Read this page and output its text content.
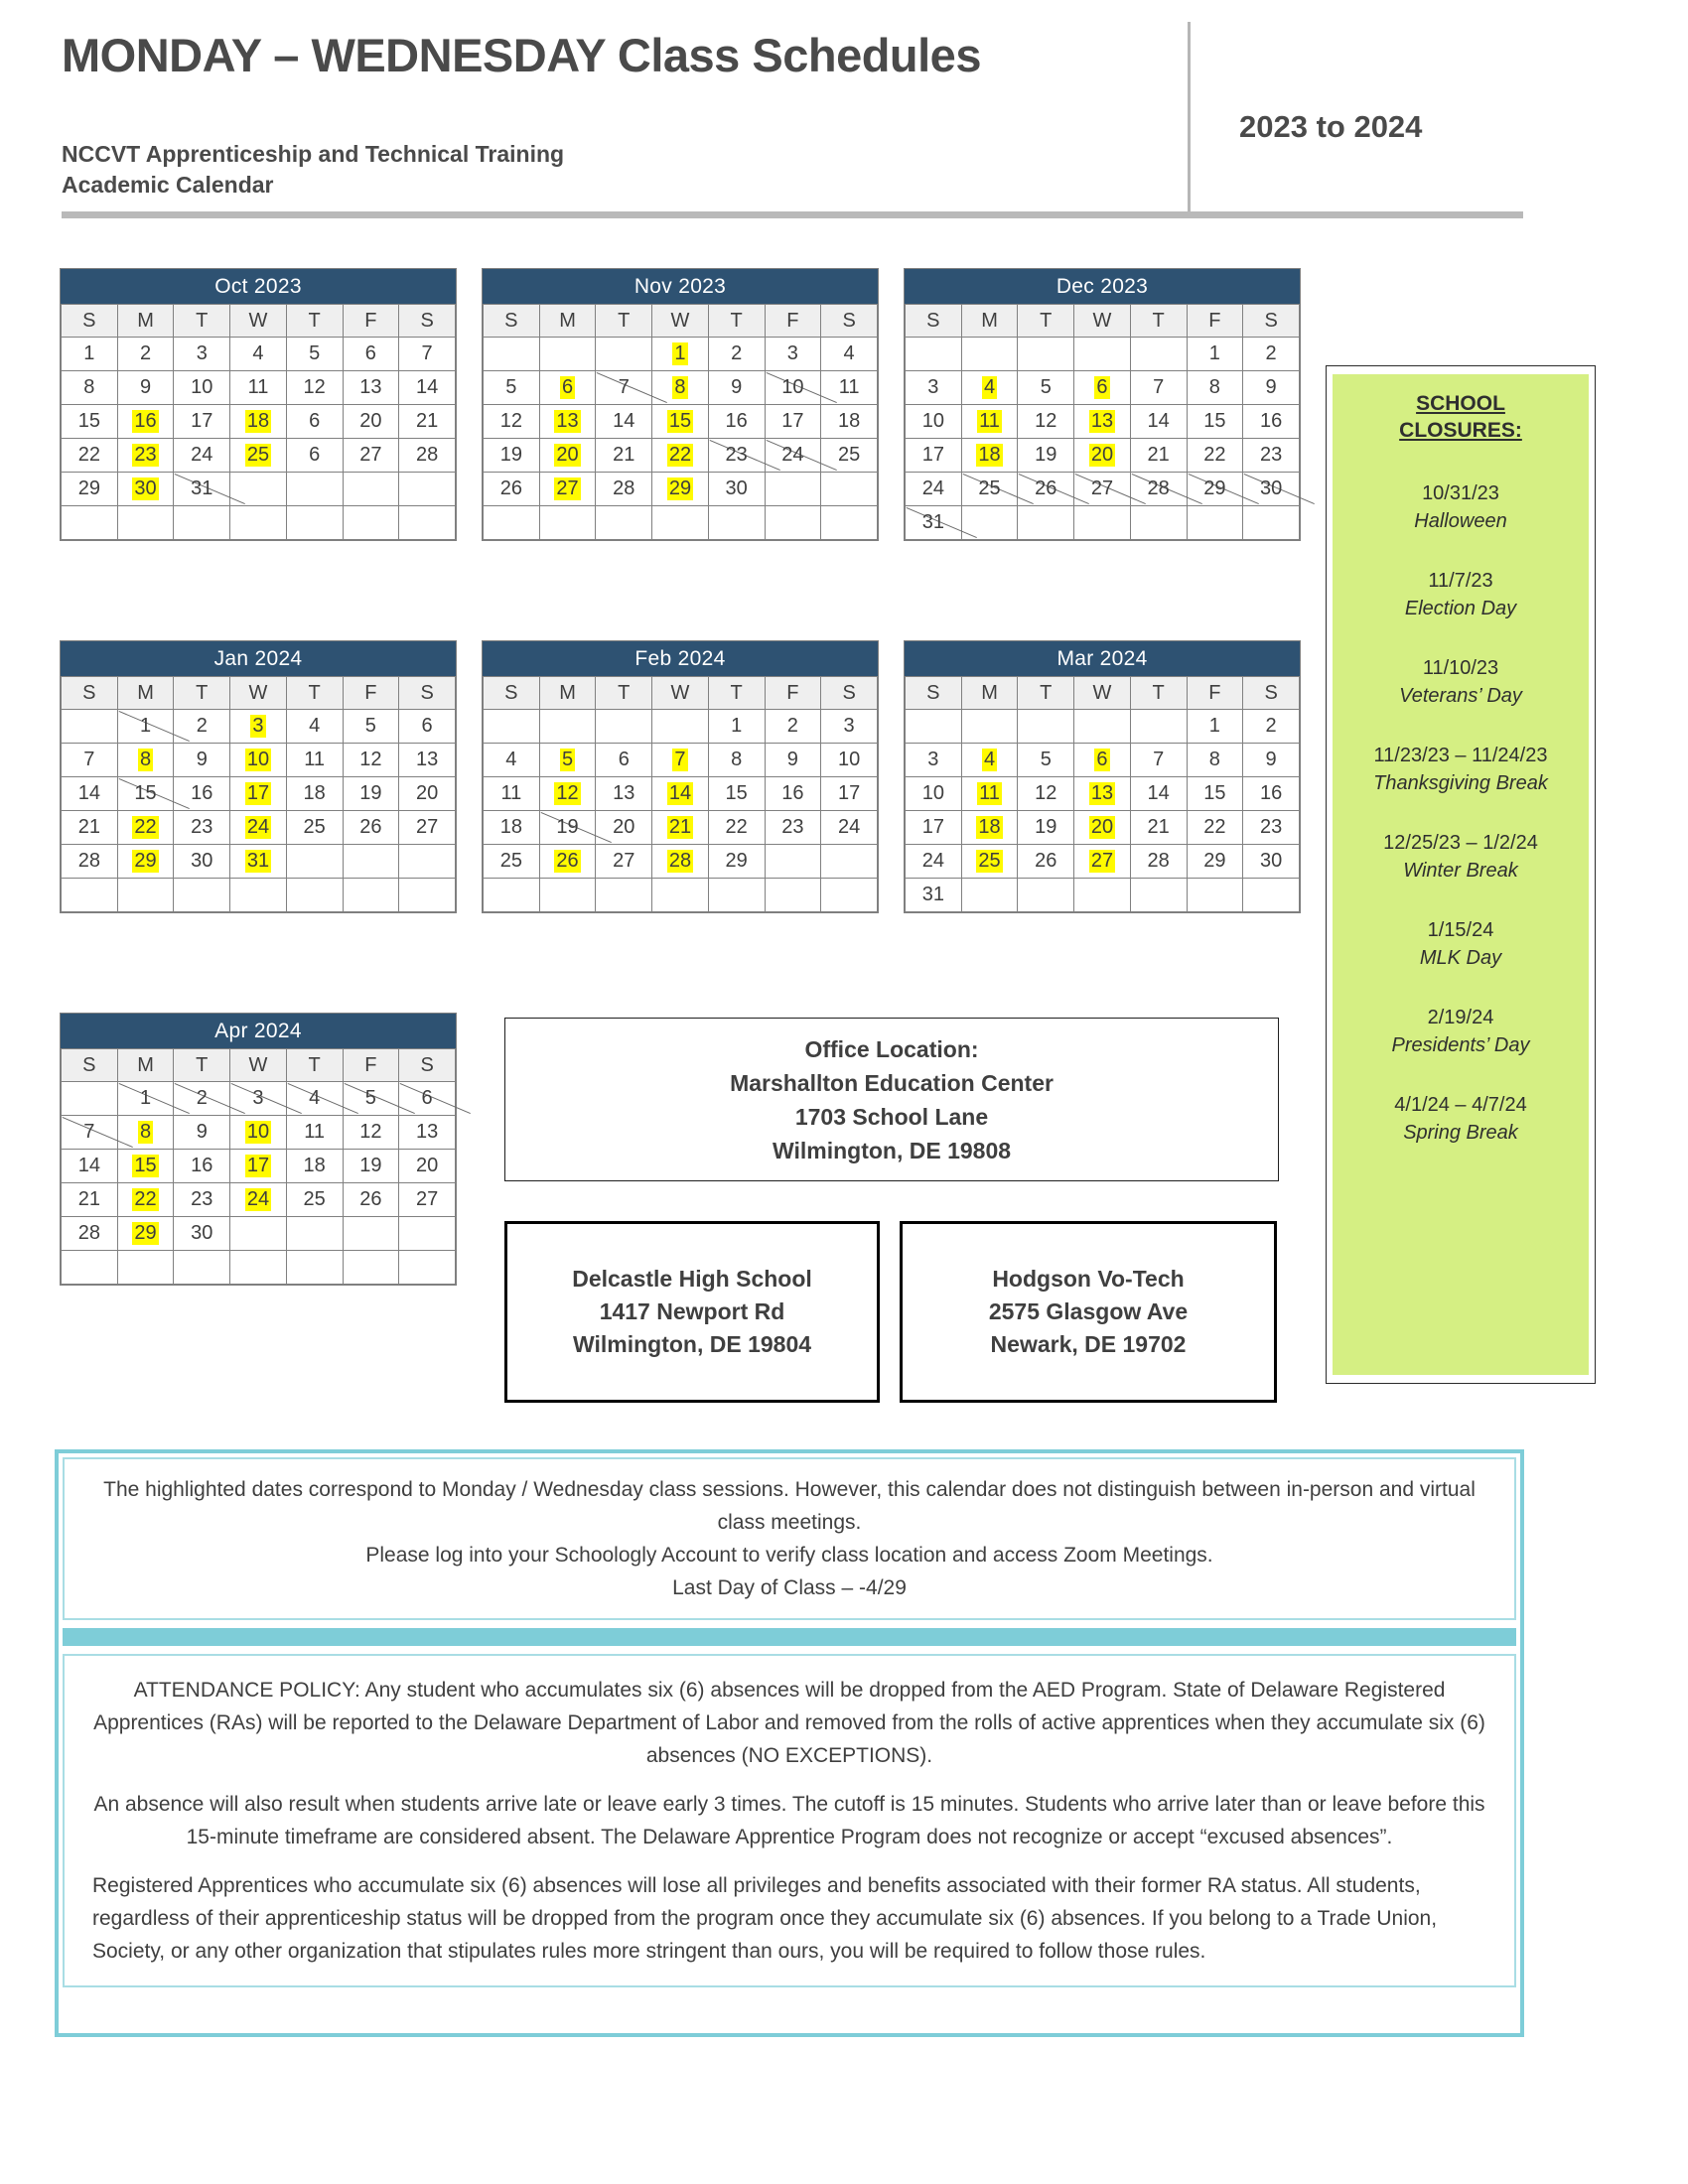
MONDAY – WEDNESDAY Class Schedules
NCCVT Apprenticeship and Technical Training
Academic Calendar
2023 to 2024
Oct 2023
S	M	T	W	T	F	S
1	2	3	4	5	6	7
8	9	10	11	12	13	14
15	16	17	18	6	20	21
22	23	24	25	6	27	28
29	30	31				

Nov 2023
S	M	T	W	T	F	S
			1	2	3	4
5	6	7	8	9	10	11
12	13	14	15	16	17	18
19	20	21	22	23	24	25
26	27	28	29	30		

Dec 2023
S	M	T	W	T	F	S
					1	2
3	4	5	6	7	8	9
10	11	12	13	14	15	16
17	18	19	20	21	22	23
24	25	26	27	28	29	30
31						
Jan 2024
S	M	T	W	T	F	S
	1	2	3	4	5	6
7	8	9	10	11	12	13
14	15	16	17	18	19	20
21	22	23	24	25	26	27
28	29	30	31			

Feb 2024
S	M	T	W	T	F	S
				1	2	3
4	5	6	7	8	9	10
11	12	13	14	15	16	17
18	19	20	21	22	23	24
25	26	27	28	29		

Mar 2024
S	M	T	W	T	F	S
					1	2
3	4	5	6	7	8	9
10	11	12	13	14	15	16
17	18	19	20	21	22	23
24	25	26	27	28	29	30
31						
Apr 2024
S	M	T	W	T	F	S
	1	2	3	4	5	6
7	8	9	10	11	12	13
14	15	16	17	18	19	20
21	22	23	24	25	26	27
28	29	30				

SCHOOL
CLOSURES:
10/31/23
Halloween
11/7/23
Election Day
11/10/23
Veterans’ Day
11/23/23 – 11/24/23
Thanksgiving Break
12/25/23 – 1/2/24
Winter Break
1/15/24
MLK Day
2/19/24
Presidents’ Day
4/1/24 – 4/7/24
Spring Break
Office Location:
Marshallton Education Center
1703 School Lane
Wilmington, DE 19808
Delcastle High School
1417 Newport Rd
Wilmington, DE 19804
Hodgson Vo-Tech
2575 Glasgow Ave
Newark, DE 19702
The highlighted dates correspond to Monday / Wednesday class sessions. However, this calendar does not distinguish between in-person and virtual class meetings.
Please log into your Schoologly Account to verify class location and access Zoom Meetings.
Last Day of Class – -4/29

ATTENDANCE POLICY: Any student who accumulates six (6) absences will be dropped from the AED Program. State of Delaware Registered Apprentices (RAs) will be reported to the Delaware Department of Labor and removed from the rolls of active apprentices when they accumulate six (6) absences (NO EXCEPTIONS).

An absence will also result when students arrive late or leave early 3 times. The cutoff is 15 minutes. Students who arrive later than or leave before this 15-minute timeframe are considered absent. The Delaware Apprentice Program does not recognize or accept “excused absences”.

Registered Apprentices who accumulate six (6) absences will lose all privileges and benefits associated with their former RA status. All students, regardless of their apprenticeship status will be dropped from the program once they accumulate six (6) absences. If you belong to a Trade Union, Society, or any other organization that stipulates rules more stringent than ours, you will be required to follow those rules.
